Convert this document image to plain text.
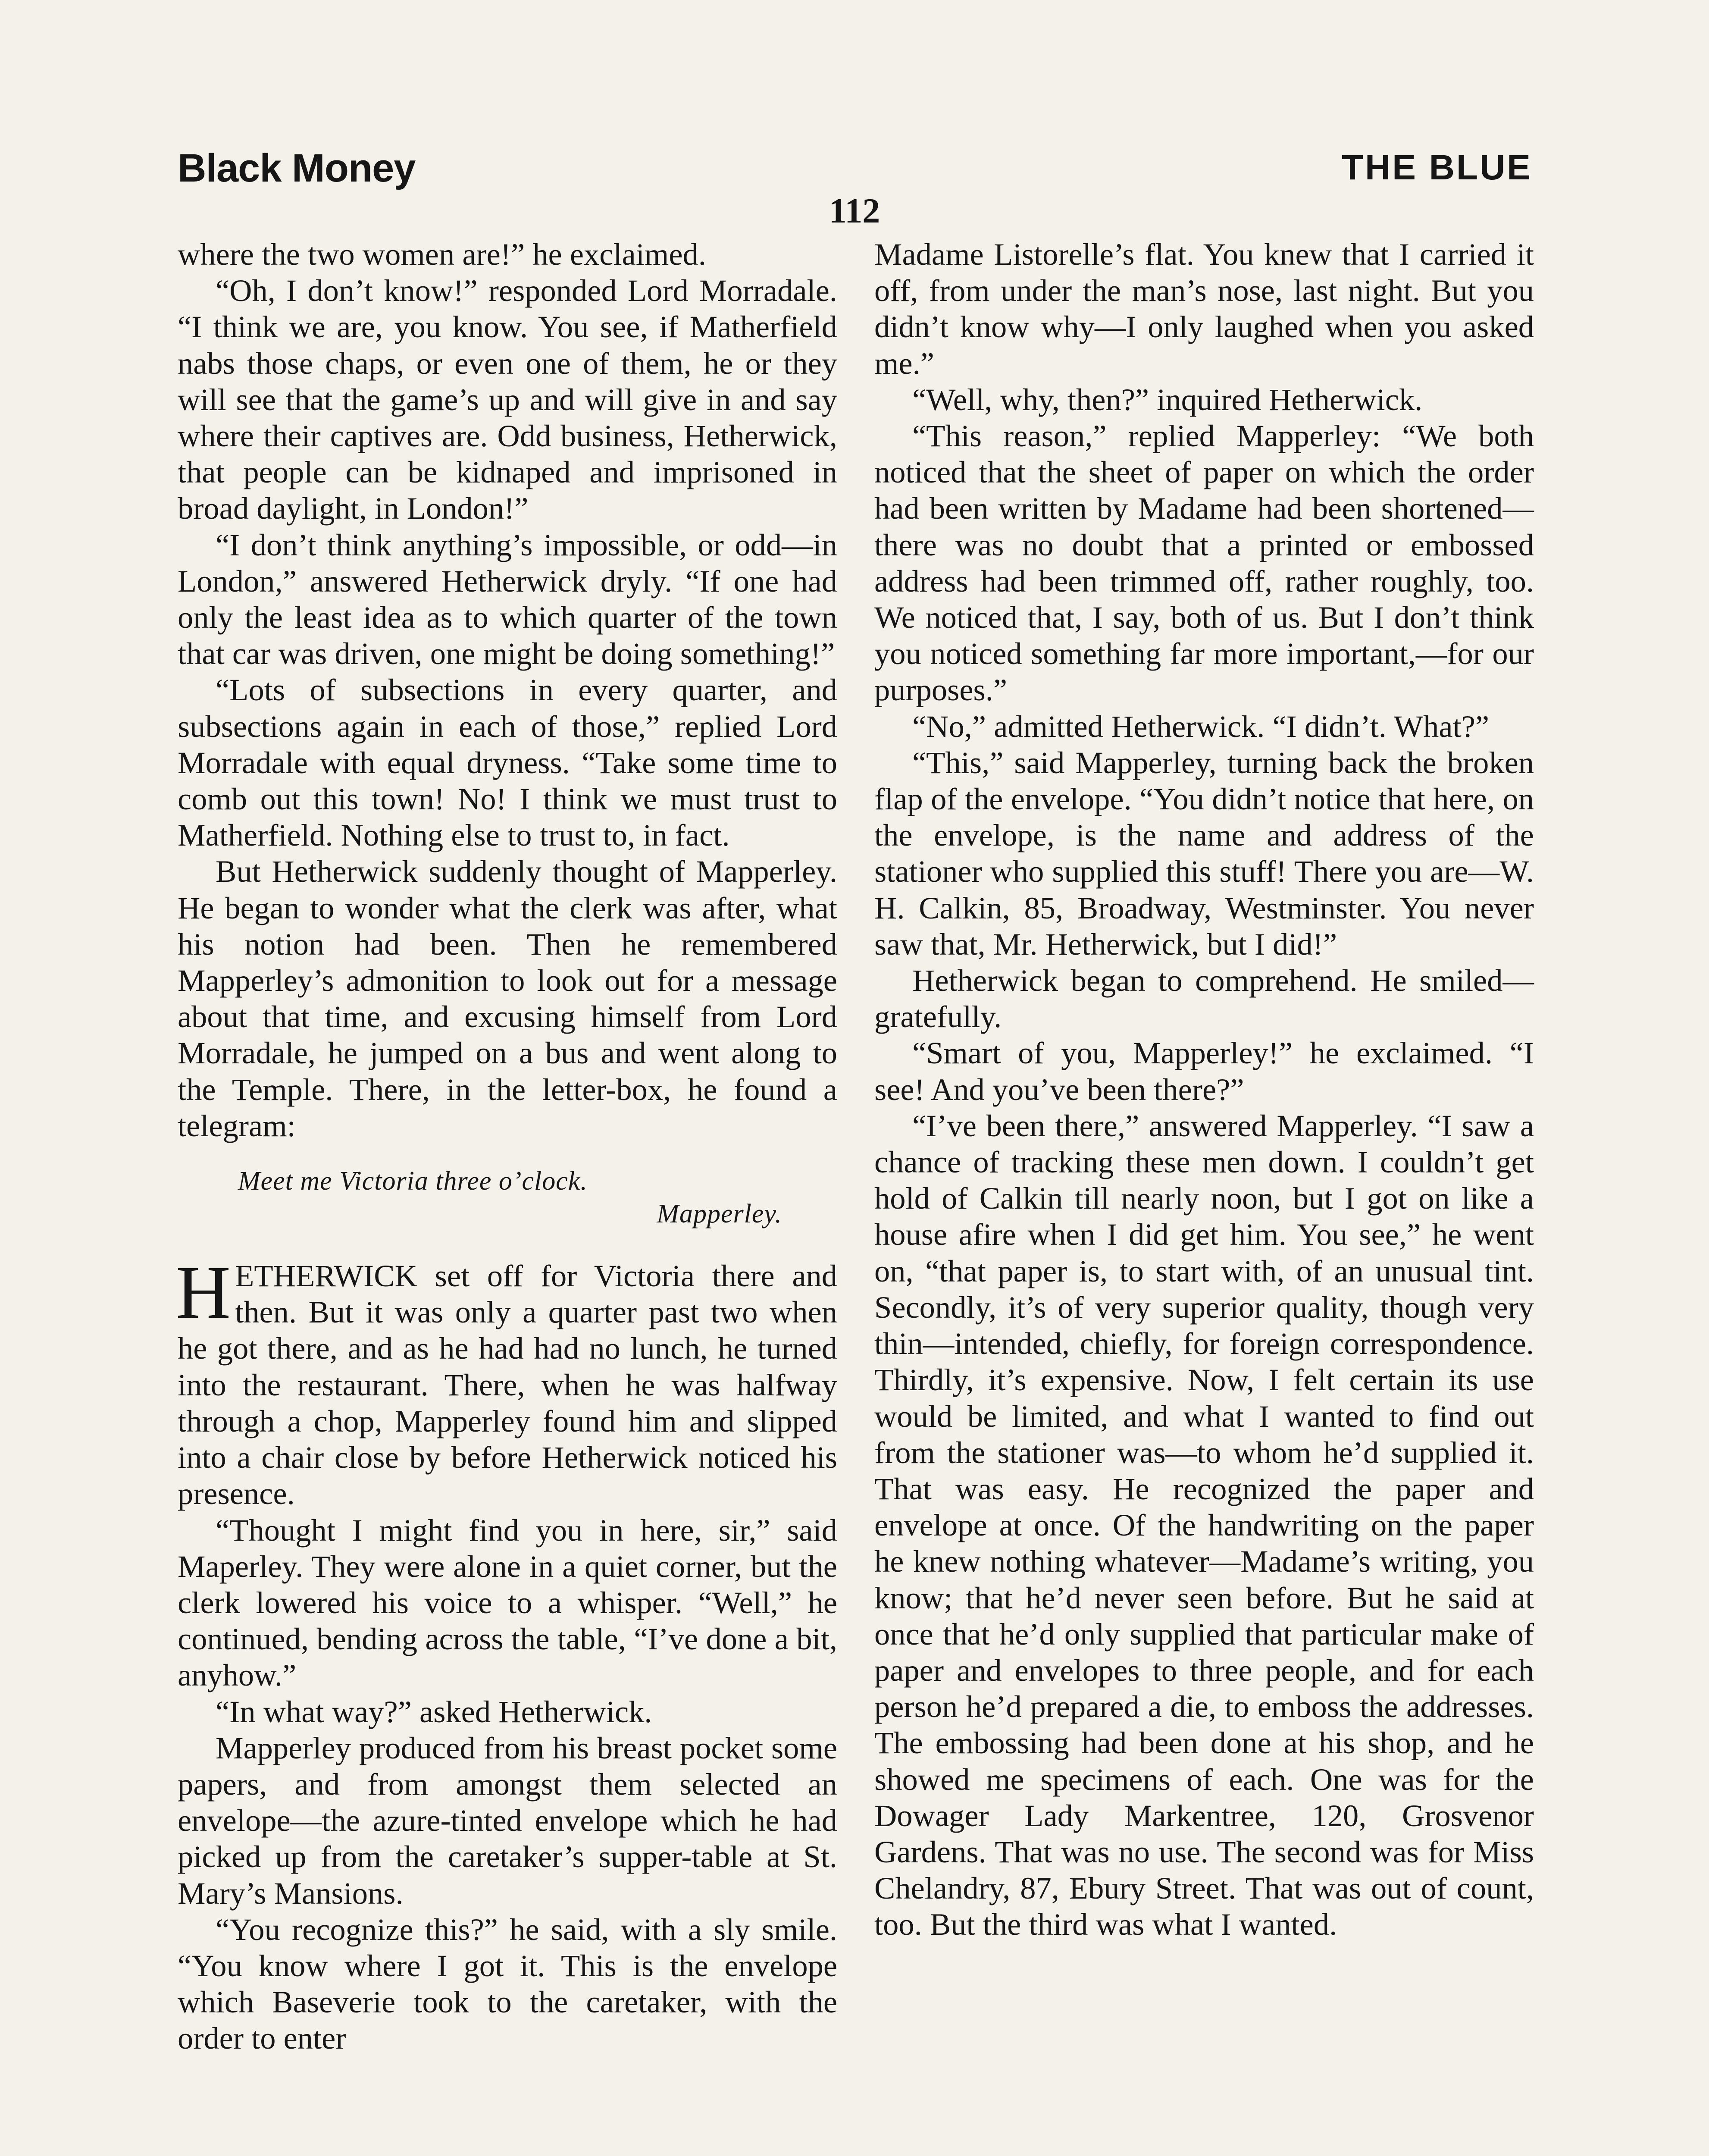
Black Money	THE BLUE
112

where the two women are!” he exclaimed.

“Oh, I don’t know!” responded Lord Morradale. “I think we are, you know. You see, if Matherfield nabs those chaps, or even one of them, he or they will see that the game’s up and will give in and say where their captives are. Odd business, Hetherwick, that people can be kidnaped and imprisoned in broad daylight, in London!”

“I don’t think anything’s impossible, or odd—in London,” answered Hetherwick dryly. “If one had only the least idea as to which quarter of the town that car was driven, one might be doing something!”

“Lots of subsections in every quarter, and subsections again in each of those,” replied Lord Morradale with equal dryness. “Take some time to comb out this town! No! I think we must trust to Matherfield. Nothing else to trust to, in fact.

But Hetherwick suddenly thought of Mapperley. He began to wonder what the clerk was after, what his notion had been. Then he remembered Mapperley’s admonition to look out for a message about that time, and excusing himself from Lord Morradale, he jumped on a bus and went along to the Temple. There, in the letter-box, he found a telegram:

Meet me Victoria three o’clock.
Mapperley.

HETHERWICK set off for Victoria there and then. But it was only a quarter past two when he got there, and as he had had no lunch, he turned into the restaurant. There, when he was halfway through a chop, Mapperley found him and slipped into a chair close by before Hetherwick noticed his presence.

“Thought I might find you in here, sir,” said Maperley. They were alone in a quiet corner, but the clerk lowered his voice to a whisper. “Well,” he continued, bending across the table, “I’ve done a bit, anyhow.”

“In what way?” asked Hetherwick.

Mapperley produced from his breast pocket some papers, and from amongst them selected an envelope—the azure-tinted envelope which he had picked up from the caretaker’s supper-table at St. Mary’s Mansions.

“You recognize this?” he said, with a sly smile. “You know where I got it. This is the envelope which Baseverie took to the caretaker, with the order to enter

Madame Listorelle’s flat. You knew that I carried it off, from under the man’s nose, last night. But you didn’t know why—I only laughed when you asked me.”

“Well, why, then?” inquired Hetherwick.

“This reason,” replied Mapperley: “We both noticed that the sheet of paper on which the order had been written by Madame had been shortened—there was no doubt that a printed or embossed address had been trimmed off, rather roughly, too. We noticed that, I say, both of us. But I don’t think you noticed something far more important,—for our purposes.”

“No,” admitted Hetherwick. “I didn’t. What?”

“This,” said Mapperley, turning back the broken flap of the envelope. “You didn’t notice that here, on the envelope, is the name and address of the stationer who supplied this stuff! There you are—W. H. Calkin, 85, Broadway, Westminster. You never saw that, Mr. Hetherwick, but I did!”

Hetherwick began to comprehend. He smiled—gratefully.

“Smart of you, Mapperley!” he exclaimed. “I see! And you’ve been there?”

“I’ve been there,” answered Mapperley. “I saw a chance of tracking these men down. I couldn’t get hold of Calkin till nearly noon, but I got on like a house afire when I did get him. You see,” he went on, “that paper is, to start with, of an unusual tint. Secondly, it’s of very superior quality, though very thin—intended, chiefly, for foreign correspondence. Thirdly, it’s expensive. Now, I felt certain its use would be limited, and what I wanted to find out from the stationer was—to whom he’d supplied it. That was easy. He recognized the paper and envelope at once. Of the handwriting on the paper he knew nothing whatever—Madame’s writing, you know; that he’d never seen before. But he said at once that he’d only supplied that particular make of paper and envelopes to three people, and for each person he’d prepared a die, to emboss the addresses. The embossing had been done at his shop, and he showed me specimens of each. One was for the Dowager Lady Markentree, 120, Grosvenor Gardens. That was no use. The second was for Miss Chelandry, 87, Ebury Street. That was out of count, too. But the third was what I wanted.
